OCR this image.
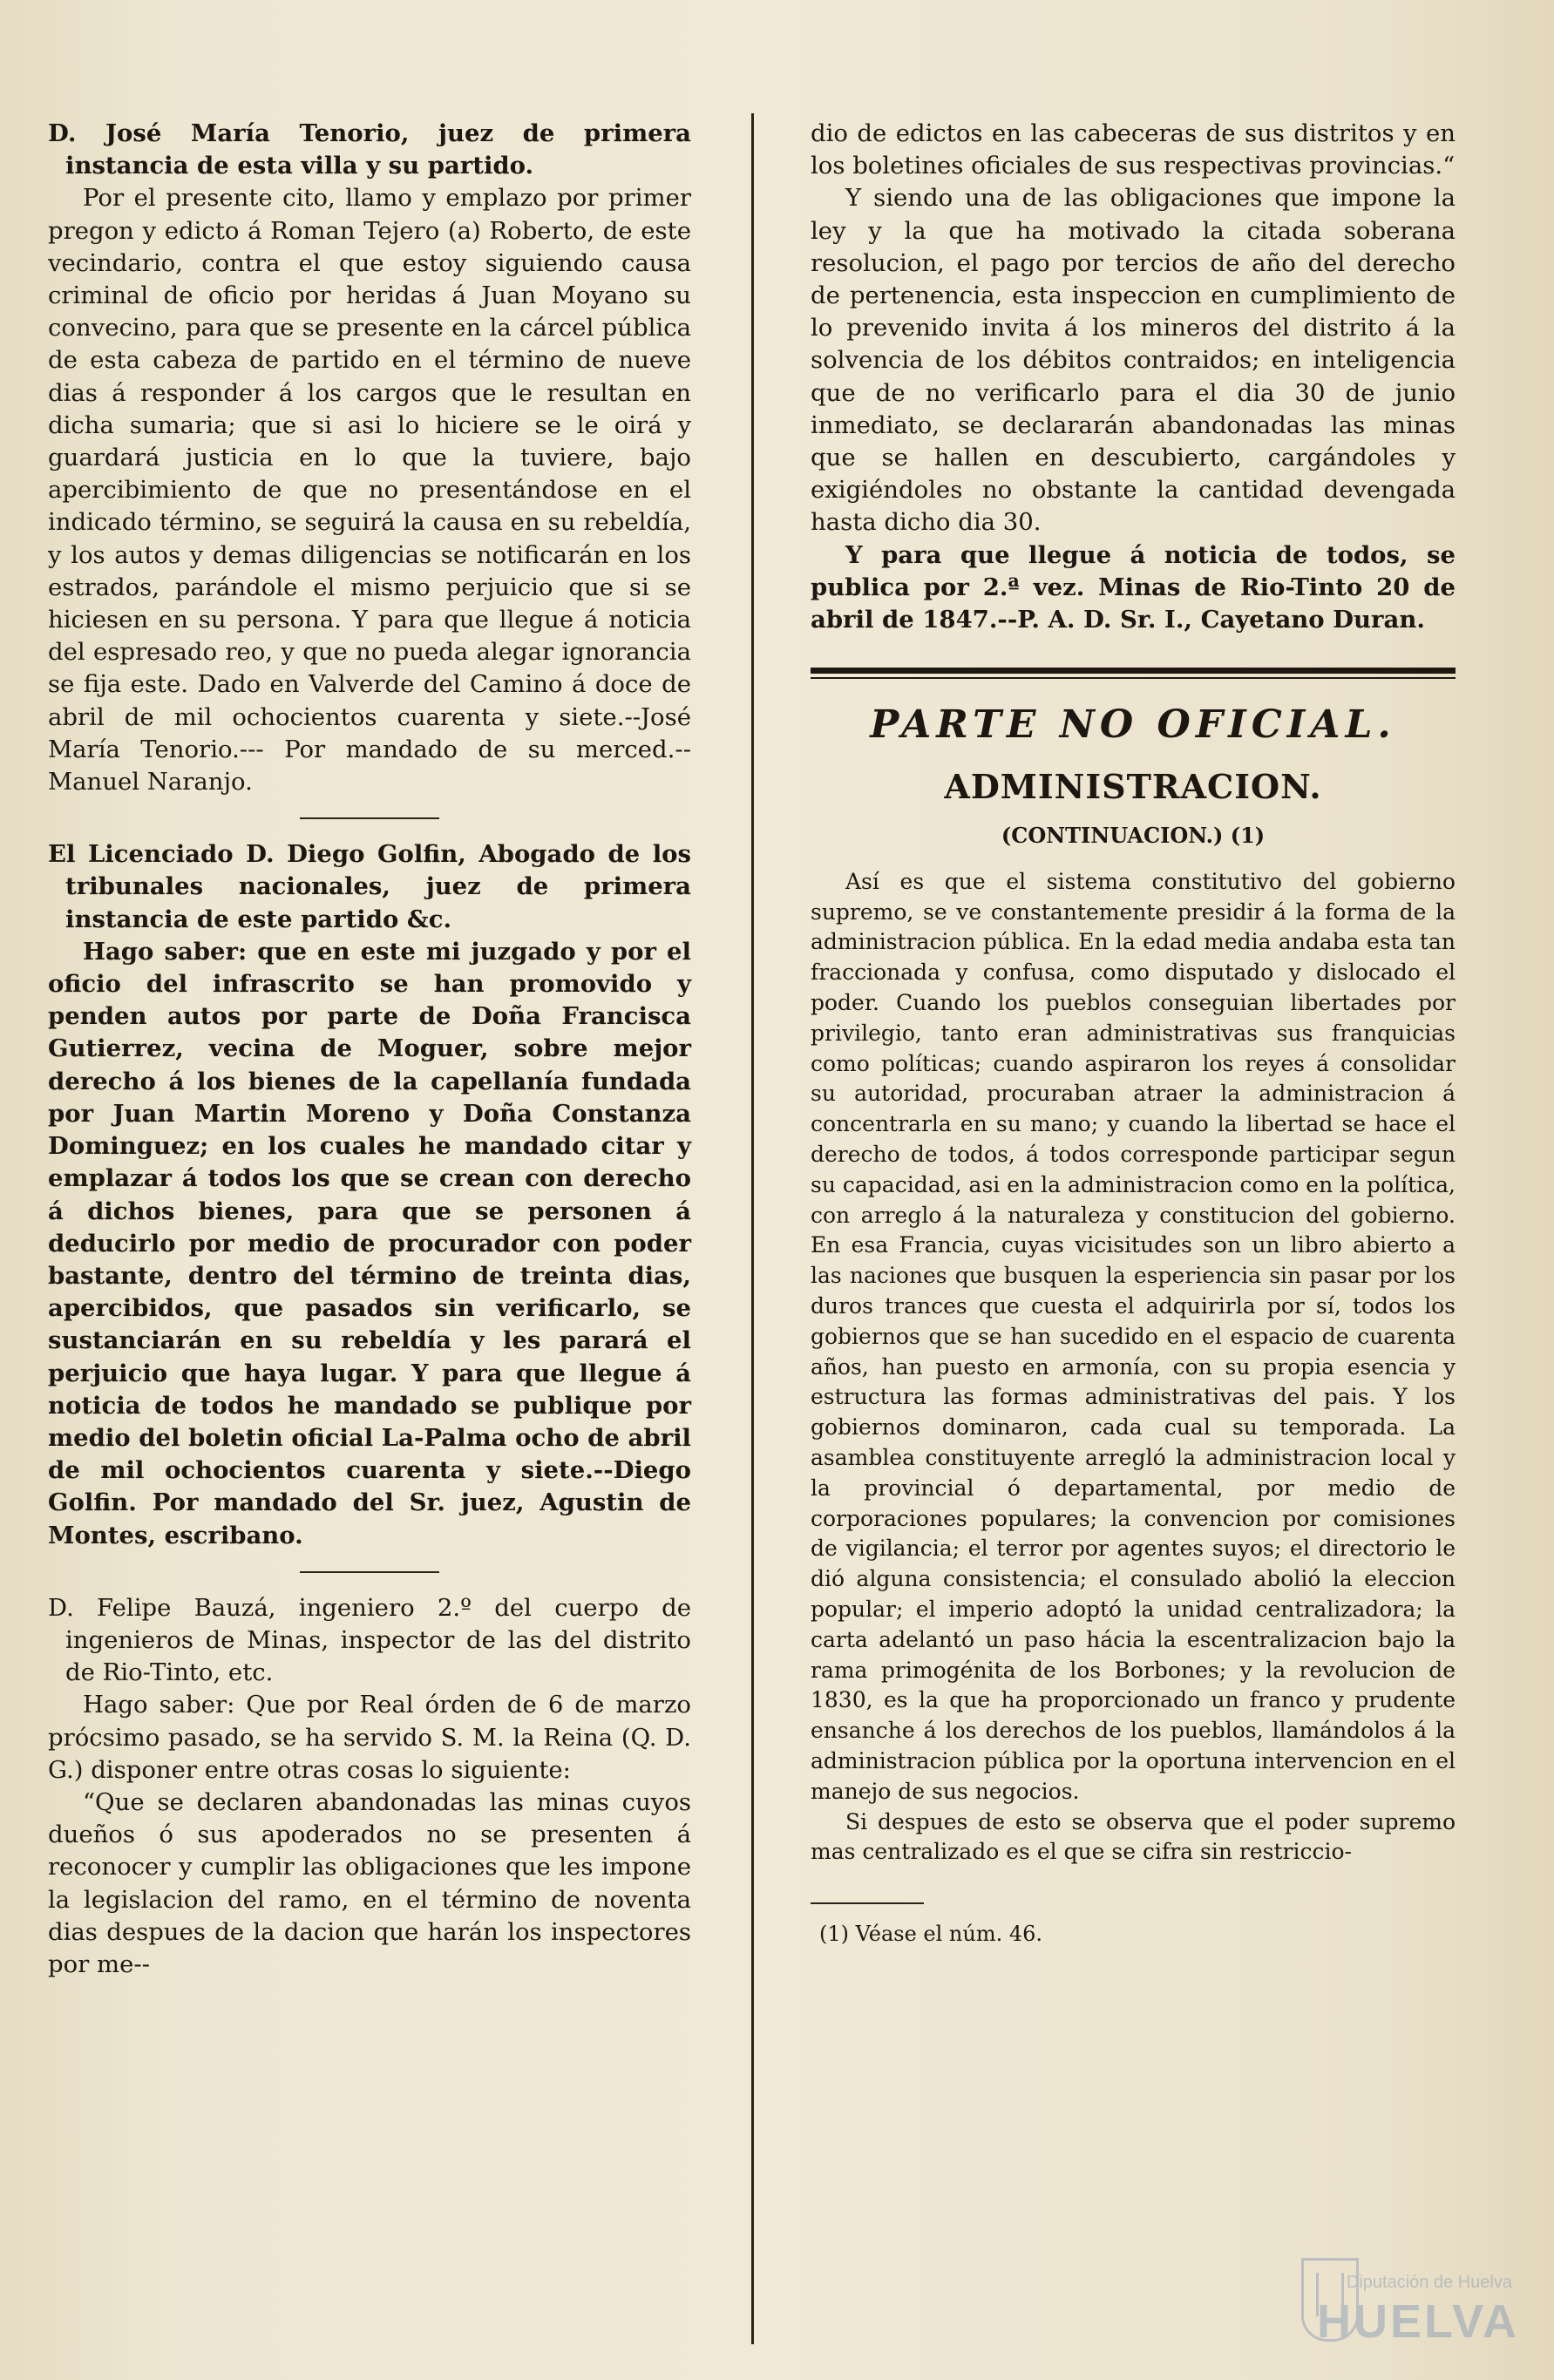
D. José María Tenorio, juez de primera instancia de esta villa y su partido.

Por el presente cito, llamo y emplazo por primer pregon y edicto á Roman Tejero (a) Roberto, de este vecindario, contra el que estoy siguiendo causa criminal de oficio por heridas á Juan Moyano su convecino, para que se presente en la cárcel pública de esta cabeza de partido en el término de nueve dias á responder á los cargos que le resultan en dicha sumaria; que si asi lo hiciere se le oirá y guardará justicia en lo que la tuviere, bajo apercibimiento de que no presentándose en el indicado término, se seguirá la causa en su rebeldía, y los autos y demas diligencias se notificarán en los estrados, parándole el mismo perjuicio que si se hiciesen en su persona. Y para que llegue á noticia del espresado reo, y que no pueda alegar ignorancia se fija este. Dado en Valverde del Camino á doce de abril de mil ochocientos cuarenta y siete.--José María Tenorio.--- Por mandado de su merced.--Manuel Naranjo.

El Licenciado D. Diego Golfin, Abogado de los tribunales nacionales, juez de primera instancia de este partido &c.

Hago saber: que en este mi juzgado y por el oficio del infrascrito se han promovido y penden autos por parte de Doña Francisca Gutierrez, vecina de Moguer, sobre mejor derecho á los bienes de la capellanía fundada por Juan Martin Moreno y Doña Constanza Dominguez; en los cuales he mandado citar y emplazar á todos los que se crean con derecho á dichos bienes, para que se personen á deducirlo por medio de procurador con poder bastante, dentro del término de treinta dias, apercibidos, que pasados sin verificarlo, se sustanciarán en su rebeldía y les parará el perjuicio que haya lugar. Y para que llegue á noticia de todos he mandado se publique por medio del boletin oficial La-Palma ocho de abril de mil ochocientos cuarenta y siete.--Diego Golfin. Por mandado del Sr. juez, Agustin de Montes, escribano.

D. Felipe Bauzá, ingeniero 2.º del cuerpo de ingenieros de Minas, inspector de las del distrito de Rio-Tinto, etc.

Hago saber: Que por Real órden de 6 de marzo prócsimo pasado, se ha servido S. M. la Reina (Q. D. G.) disponer entre otras cosas lo siguiente:

“Que se declaren abandonadas las minas cuyos dueños ó sus apoderados no se presenten á reconocer y cumplir las obligaciones que les impone la legislacion del ramo, en el término de noventa dias despues de la dacion que harán los inspectores por me--

dio de edictos en las cabeceras de sus distritos y en los boletines oficiales de sus respectivas provincias.“

Y siendo una de las obligaciones que impone la ley y la que ha motivado la citada soberana resolucion, el pago por tercios de año del derecho de pertenencia, esta inspeccion en cumplimiento de lo prevenido invita á los mineros del distrito á la solvencia de los débitos contraidos; en inteligencia que de no verificarlo para el dia 30 de junio inmediato, se declararán abandonadas las minas que se hallen en descubierto, cargándoles y exigiéndoles no obstante la cantidad devengada hasta dicho dia 30.

Y para que llegue á noticia de todos, se publica por 2.ª vez. Minas de Rio-Tinto 20 de abril de 1847.--P. A. D. Sr. I., Cayetano Duran.

PARTE NO OFICIAL.
ADMINISTRACION.
(CONTINUACION.) (1)

Así es que el sistema constitutivo del gobierno supremo, se ve constantemente presidir á la forma de la administracion pública. En la edad media andaba esta tan fraccionada y confusa, como disputado y dislocado el poder. Cuando los pueblos conseguian libertades por privilegio, tanto eran administrativas sus franquicias como políticas; cuando aspiraron los reyes á consolidar su autoridad, procuraban atraer la administracion á concentrarla en su mano; y cuando la libertad se hace el derecho de todos, á todos corresponde participar segun su capacidad, asi en la administracion como en la política, con arreglo á la naturaleza y constitucion del gobierno. En esa Francia, cuyas vicisitudes son un libro abierto a las naciones que busquen la esperiencia sin pasar por los duros trances que cuesta el adquirirla por sí, todos los gobiernos que se han sucedido en el espacio de cuarenta años, han puesto en armonía, con su propia esencia y estructura las formas administrativas del pais. Y los gobiernos dominaron, cada cual su temporada. La asamblea constituyente arregló la administracion local y la provincial ó departamental, por medio de corporaciones populares; la convencion por comisiones de vigilancia; el terror por agentes suyos; el directorio le dió alguna consistencia; el consulado abolió la eleccion popular; el imperio adoptó la unidad centralizadora; la carta adelantó un paso hácia la escentralizacion bajo la rama primogénita de los Borbones; y la revolucion de 1830, es la que ha proporcionado un franco y prudente ensanche á los derechos de los pueblos, llamándolos á la administracion pública por la oportuna intervencion en el manejo de sus negocios.

Si despues de esto se observa que el poder supremo mas centralizado es el que se cifra sin restriccio-

(1) Véase el núm. 46.

Diputación de Huelva
HUELVA
